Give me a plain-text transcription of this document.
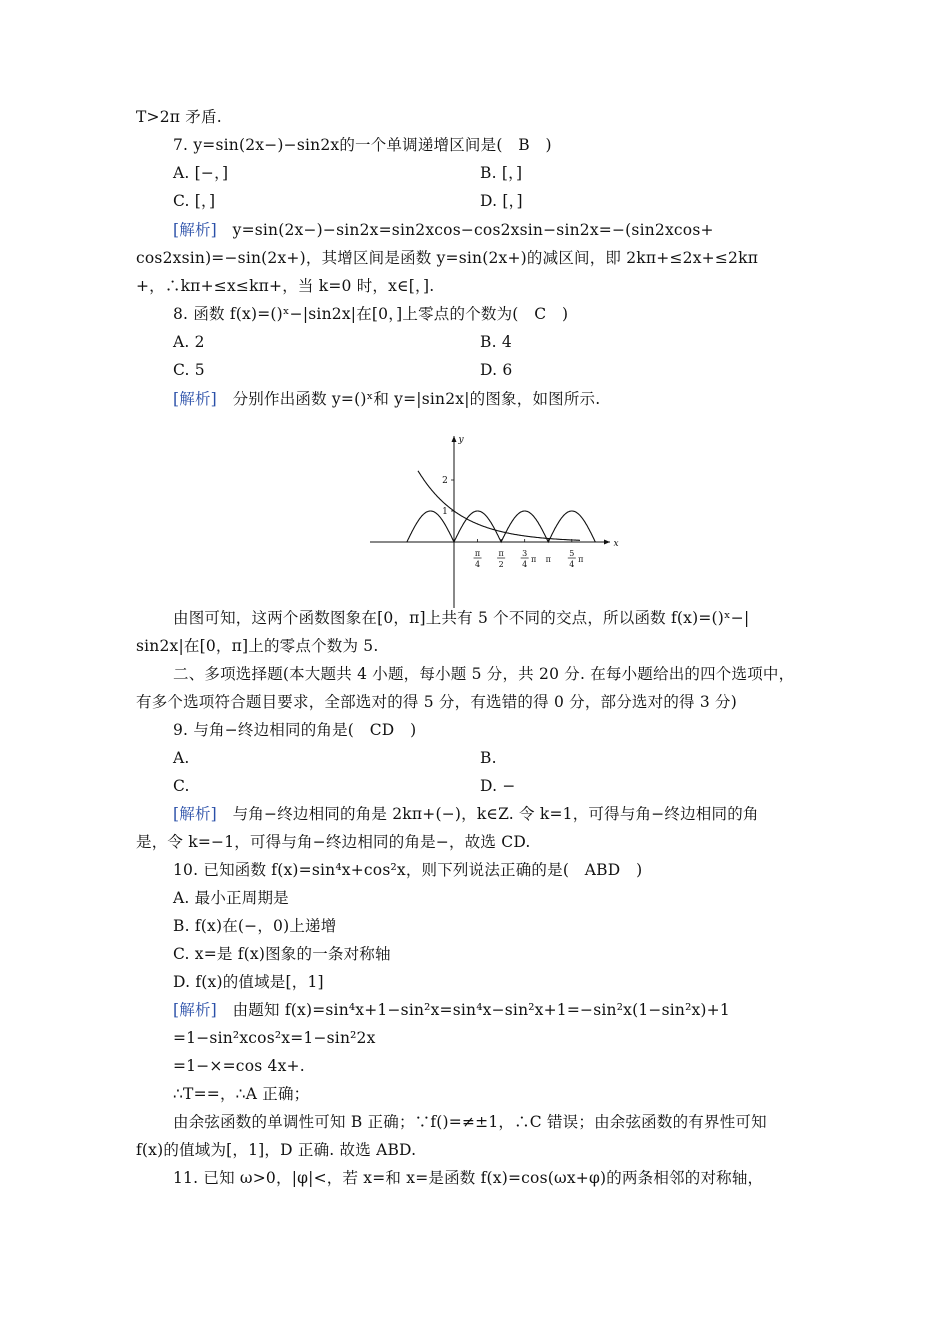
T>2π 矛盾.
7. y=sin(2x−)−sin2x的一个单调递增区间是(　B　)
A. [−，]	B. [，]
C. [，]	D. [，]
[解析]　y=sin(2x−)−sin2x=sin2xcos−cos2xsin−sin2x=−(sin2xcos+
cos2xsin)=−sin(2x+)，其增区间是函数 y=sin(2x+)的减区间，即 2kπ+≤2x+≤2kπ
+，∴kπ+≤x≤kπ+，当 k=0 时，x∈[，].
8. 函数 f(x)=()ˣ−|sin2x|在[0，]上零点的个数为(　C　)
A. 2	B. 4
C. 5	D. 6
[解析]　分别作出函数 y=()ˣ和 y=|sin2x|的图象，如图所示.
由图可知，这两个函数图象在[0，π]上共有 5 个不同的交点，所以函数 f(x)=()ˣ−|
sin2x|在[0，π]上的零点个数为 5.
二、多项选择题(本大题共 4 小题，每小题 5 分，共 20 分. 在每小题给出的四个选项中，
有多个选项符合题目要求，全部选对的得 5 分，有选错的得 0 分，部分选对的得 3 分)
9. 与角−终边相同的角是(　CD　)
A.	B.
C.	D. −
[解析]　与角−终边相同的角是 2kπ+(−)，k∈Z. 令 k=1，可得与角−终边相同的角
是，令 k=−1，可得与角−终边相同的角是−，故选 CD.
10. 已知函数 f(x)=sin⁴x+cos²x，则下列说法正确的是(　ABD　)
A. 最小正周期是
B. f(x)在(−，0)上递增
C. x=是 f(x)图象的一条对称轴
D. f(x)的值域是[，1]
[解析]　由题知 f(x)=sin⁴x+1−sin²x=sin⁴x−sin²x+1=−sin²x(1−sin²x)+1
=1−sin²xcos²x=1−sin²2x
=1−×=cos 4x+.
∴T==，∴A 正确；
由余弦函数的单调性可知 B 正确；∵f()=≠±1，∴C 错误；由余弦函数的有界性可知
f(x)的值域为[，1]，D 正确. 故选 ABD.
11. 已知 ω>0，|φ|<，若 x=和 x=是函数 f(x)=cos(ωx+φ)的两条相邻的对称轴，
x
y
1
2
π
4
π
2
3
4
π π
5
4
π
